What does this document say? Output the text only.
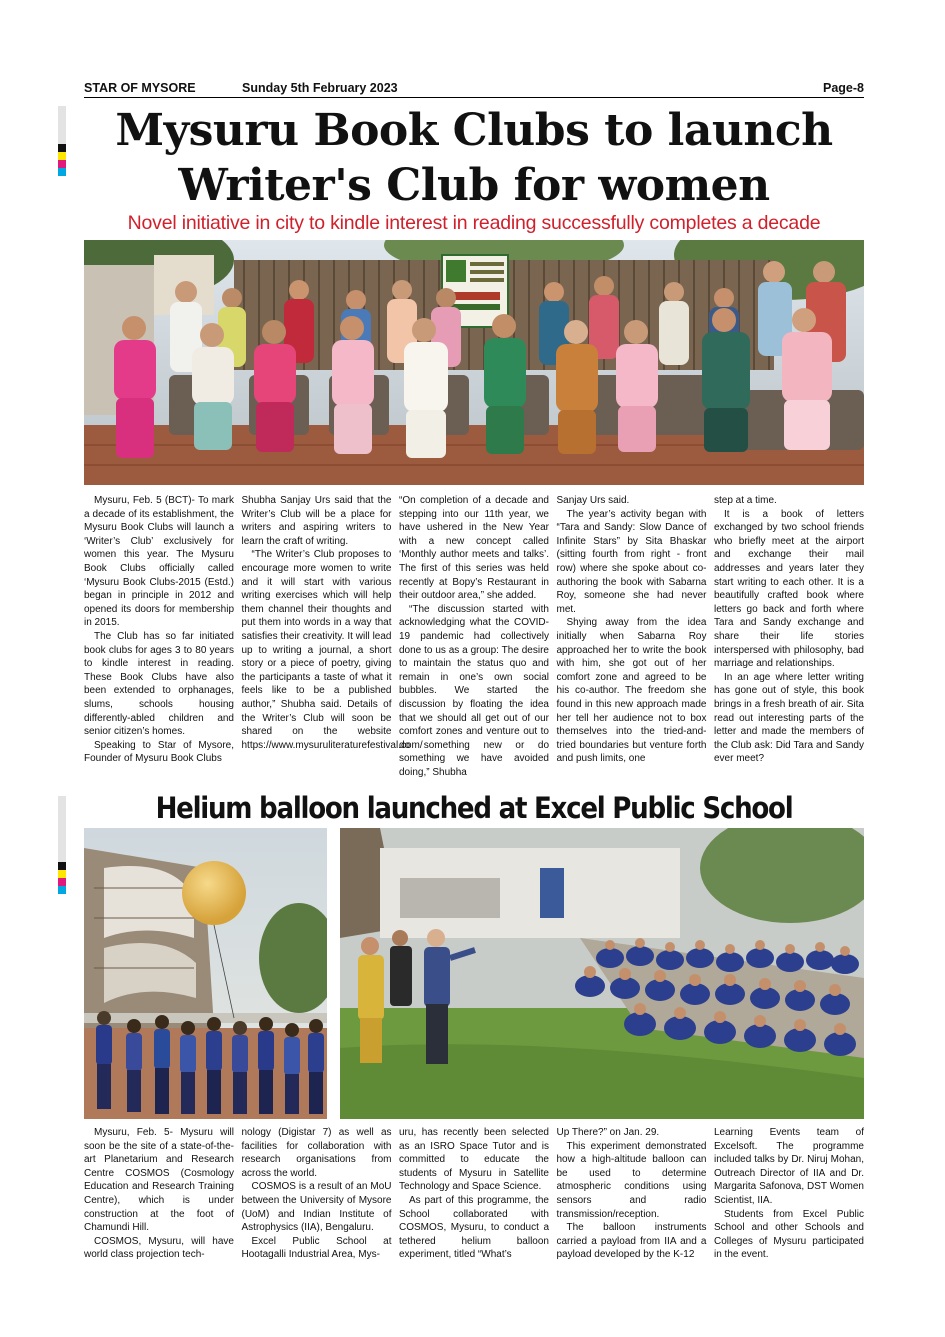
STAR OF MYSORE	Sunday 5th February 2023	Page-8
Mysuru Book Clubs to launch
Writer's Club for women
Novel initiative in city to kindle interest in reading successfully completes a decade

Mysuru, Feb. 5 (BCT)- To mark a decade of its establishment, the Mysuru Book Clubs will launch a ‘Writer’s Club’ exclusively for women this year. The Mysuru Book Clubs officially called ‘Mysuru Book Clubs-2015 (Estd.) began in principle in 2012 and opened its doors for membership in 2015.

The Club has so far initiated book clubs for ages 3 to 80 years to kindle interest in reading. These Book Clubs have also been extended to orphanages, slums, schools housing differently-abled children and senior citizen’s homes.

Speaking to Star of Mysore, Founder of Mysuru Book Clubs

Shubha Sanjay Urs said that the Writer’s Club will be a place for writers and aspiring writers to learn the craft of writing.

“The Writer’s Club proposes to encourage more women to write and it will start with various writing exercises which will help them channel their thoughts and put them into words in a way that satisfies their creativity. It will lead up to writing a journal, a short story or a piece of poetry, giving the participants a taste of what it feels like to be a published author,” Shubha said. Details of the Writer’s Club will soon be shared on the website https://www.mysuruliteraturefestival.com/

“On completion of a decade and stepping into our 11th year, we have ushered in the New Year with a new concept called ‘Monthly author meets and talks’. The first of this series was held recently at Bopy’s Restaurant in their outdoor area,” she added.

“The discussion started with acknowledging what the COVID-19 pandemic had collectively done to us as a group: The desire to maintain the status quo and remain in one’s own social bubbles. We started the discussion by floating the idea that we should all get out of our comfort zones and venture out to do something new or do something we have avoided doing,” Shubha

Sanjay Urs said.

The year’s activity began with “Tara and Sandy: Slow Dance of Infinite Stars” by Sita Bhaskar (sitting fourth from right - front row) where she spoke about co-authoring the book with Sabarna Roy, someone she had never met.

Shying away from the idea initially when Sabarna Roy approached her to write the book with him, she got out of her comfort zone and agreed to be his co-author. The freedom she found in this new approach made her tell her audience not to box themselves into the tried-and-tried boundaries but venture forth and push limits, one

step at a time.

It is a book of letters exchanged by two school friends who briefly meet at the airport and exchange their mail addresses and years later they start writing to each other. It is a beautifully crafted book where letters go back and forth where Tara and Sandy exchange and share their life stories interspersed with philosophy, bad marriage and relationships.

In an age where letter writing has gone out of style, this book brings in a fresh breath of air. Sita read out interesting parts of the letter and made the members of the Club ask: Did Tara and Sandy ever meet?

Helium balloon launched at Excel Public School

Mysuru, Feb. 5- Mysuru will soon be the site of a state-of-the-art Planetarium and Research Centre COSMOS (Cosmology Education and Research Training Centre), which is under construction at the foot of Chamundi Hill.

COSMOS, Mysuru, will have world class projection tech-

nology (Digistar 7) as well as facilities for collaboration with research organisations from across the world.

COSMOS is a result of an MoU between the University of Mysore (UoM) and Indian Institute of Astrophysics (IIA), Bengaluru.

Excel Public School at Hootagalli Industrial Area, Mys-

uru, has recently been selected as an ISRO Space Tutor and is committed to educate the students of Mysuru in Satellite Technology and Space Science.

As part of this programme, the School collaborated with COSMOS, Mysuru, to conduct a tethered helium balloon experiment, titled “What’s

Up There?” on Jan. 29.

This experiment demonstrated how a high-altitude balloon can be used to determine atmospheric conditions using sensors and radio transmission/reception.

The balloon instruments carried a payload from IIA and a payload developed by the K-12

Learning Events team of Excelsoft. The programme included talks by Dr. Niruj Mohan, Outreach Director of IIA and Dr. Margarita Safonova, DST Women Scientist, IIA.

Students from Excel Public School and other Schools and Colleges of Mysuru participated in the event.
